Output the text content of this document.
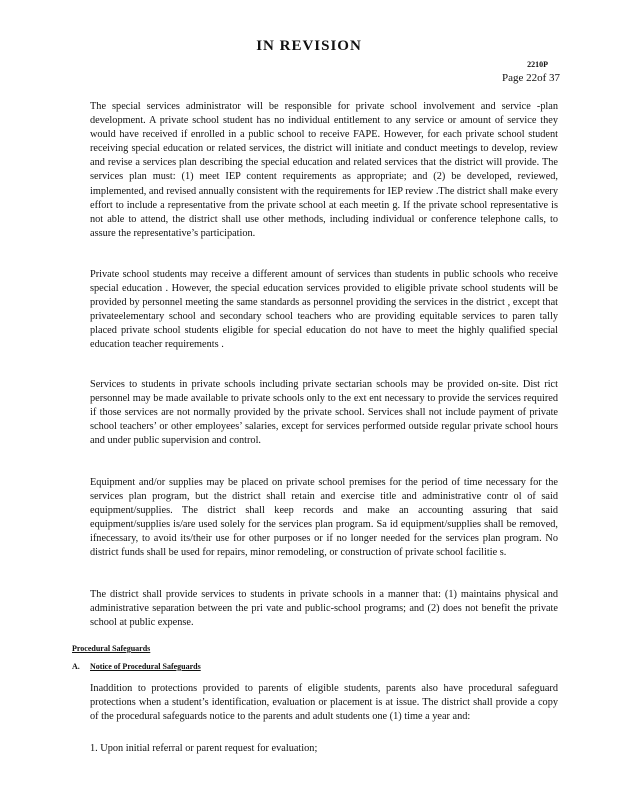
IN REVISION
2210P
Page 22of 37

The special services administrator will be responsible for private school involvement and service -plan development. A private school student has no individual entitlement to any service or amount of service they would have received if enrolled in a public school to receive FAPE. However, for each private school student receiving special education or related services, the district will initiate and conduct meetings to develop, review and revise a services plan describing the special education and related services that the district will provide. The services plan must: (1) meet IEP content requirements as appropriate; and (2) be developed, reviewed, implemented, and revised annually consistent with the requirements for IEP review .The district shall make every effort to include a representative from the private school at each meetin g. If the private school representative is not able to attend, the district shall use other methods, including individual or conference telephone calls, to assure the representative’s participation.

Private school students may receive a different amount of services than students in public schools who receive special education . However, the special education services provided to eligible private school students will be provided by personnel meeting the same standards as personnel providing the services in the district , except that privateelementary school and secondary school teachers who are providing equitable services to paren tally placed private school students eligible for special education do not have to meet the highly qualified special education teacher requirements .

Services to students in private schools including private sectarian schools may be provided on-site. Dist rict personnel may be made available to private schools only to the ext ent necessary to provide the services required if those services are not normally provided by the private school. Services shall not include payment of private school teachers’ or other employees’ salaries, except for services performed outside regular private school hours and under public supervision and control.

Equipment and/or supplies may be placed on private school premises for the period of time necessary for the services plan program, but the district shall retain and exercise title and administrative contr ol of said equipment/supplies. The district shall keep records and make an accounting assuring that said equipment/supplies is/are used solely for the services plan program. Sa id equipment/supplies shall be removed, ifnecessary, to avoid its/their use for other purposes or if no longer needed for the services plan program. No district funds shall be used for repairs, minor remodeling, or construction of private school facilitie s.

The district shall provide services to students in private schools in a manner that: (1) maintains physical and administrative separation between the pri vate and public-school programs; and (2) does not benefit the private school at public expense.

Procedural Safeguards
A. Notice of Procedural Safeguards

Inaddition to protections provided to parents of eligible students, parents also have procedural safeguard protections when a student’s identification, evaluation or placement is at issue. The district shall provide a copy of the procedural safeguards notice to the parents and adult students one (1) time a year and:

1. Upon initial referral or parent request for evaluation;
